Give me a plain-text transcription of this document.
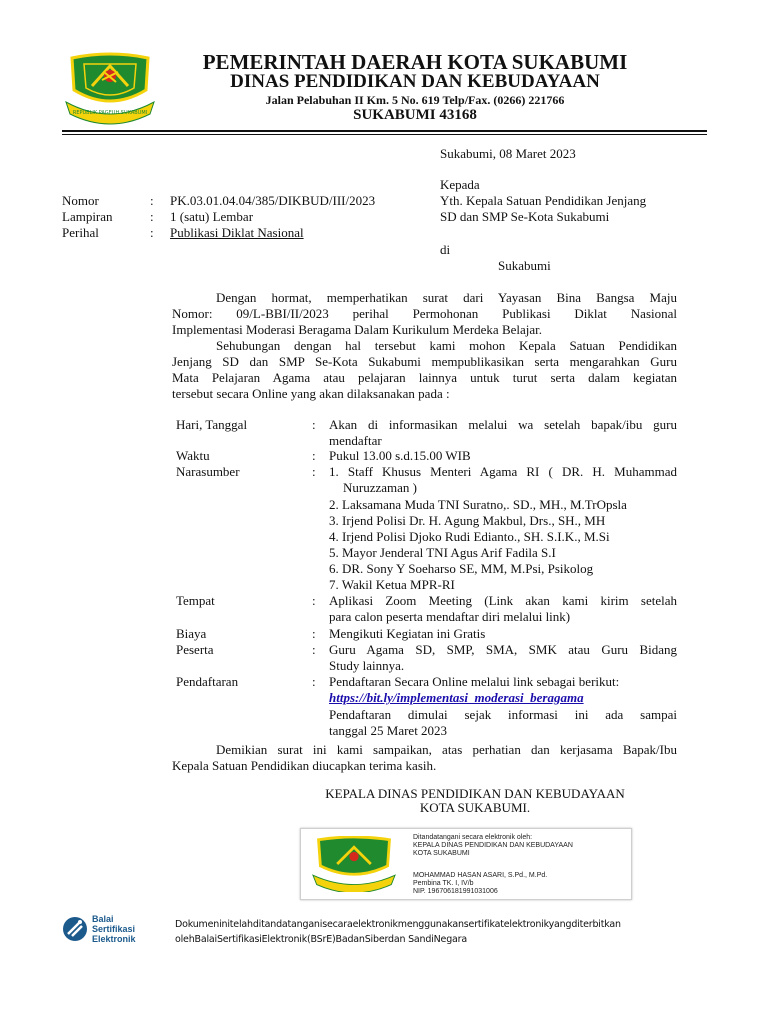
REPUBLIK PAGEUH SUKABUMI
PEMERINTAH DAERAH KOTA SUKABUMI
DINAS PENDIDIKAN DAN KEBUDAYAAN
Jalan Pelabuhan II Km. 5 No. 619 Telp/Fax. (0266) 221766
SUKABUMI 43168
Sukabumi, 08 Maret 2023
Kepada
Yth. Kepala Satuan Pendidikan Jenjang
SD dan SMP Se-Kota Sukabumi
di
Sukabumi
Nomor	: PK.03.01.04.04/385/DIKBUD/III/2023
Lampiran	: 1 (satu) Lembar
Perihal	: Publikasi Diklat Nasional
Dengan hormat, memperhatikan surat dari Yayasan Bina Bangsa Maju
Nomor: 09/L-BBI/II/2023 perihal Permohonan Publikasi Diklat Nasional
Implementasi Moderasi Beragama Dalam Kurikulum Merdeka Belajar.
Sehubungan dengan hal tersebut kami mohon Kepala Satuan Pendidikan
Jenjang SD dan SMP Se-Kota Sukabumi mempublikasikan serta mengarahkan Guru
Mata Pelajaran Agama atau pelajaran lainnya untuk turut serta dalam kegiatan
tersebut secara Online yang akan dilaksanakan pada :
Hari, Tanggal	: Akan di informasikan melalui wa setelah bapak/ibu guru
mendaftar
Waktu	: Pukul 13.00 s.d.15.00 WIB
Narasumber	: 1. Staff Khusus Menteri Agama RI ( DR. H. Muhammad
Nuruzzaman )
2. Laksamana Muda TNI Suratno,. SD., MH., M.TrOpsla
3. Irjend Polisi Dr. H. Agung Makbul, Drs., SH., MH
4. Irjend Polisi Djoko Rudi Edianto., SH. S.I.K., M.Si
5. Mayor Jenderal TNI Agus Arif Fadila S.I
6. DR. Sony Y Soeharso SE, MM, M.Psi, Psikolog
7. Wakil Ketua MPR-RI
Tempat	: Aplikasi Zoom Meeting (Link akan kami kirim setelah
para calon peserta mendaftar diri melalui link)
Biaya	: Mengikuti Kegiatan ini Gratis
Peserta	: Guru Agama SD, SMP, SMA, SMK atau Guru Bidang
Study lainnya.
Pendaftaran	: Pendaftaran Secara Online melalui link sebagai berikut:
https://bit.ly/implementasi_moderasi_beragama
Pendaftaran dimulai sejak informasi ini ada sampai
tanggal 25 Maret 2023
Demikian surat ini kami sampaikan, atas perhatian dan kerjasama Bapak/Ibu
Kepala Satuan Pendidikan diucapkan terima kasih.
KEPALA DINAS PENDIDIKAN DAN KEBUDAYAAN
KOTA SUKABUMI.
Ditandatangani secara elektronik oleh:
KEPALA DINAS PENDIDIKAN DAN KEBUDAYAAN
KOTA SUKABUMI
MOHAMMAD HASAN ASARI, S.Pd., M.Pd.
Pembina TK. I, IV/b
NIP. 196706181991031006
Balai
Sertifikasi
Elektronik
Dokumeninitelahditandatanganisecaraelektronikmenggunakansertifikatelektronikyangditerbitkan
olehBalaiSertifikasiElektronik(BSrE)BadanSiberdan SandiNegara
